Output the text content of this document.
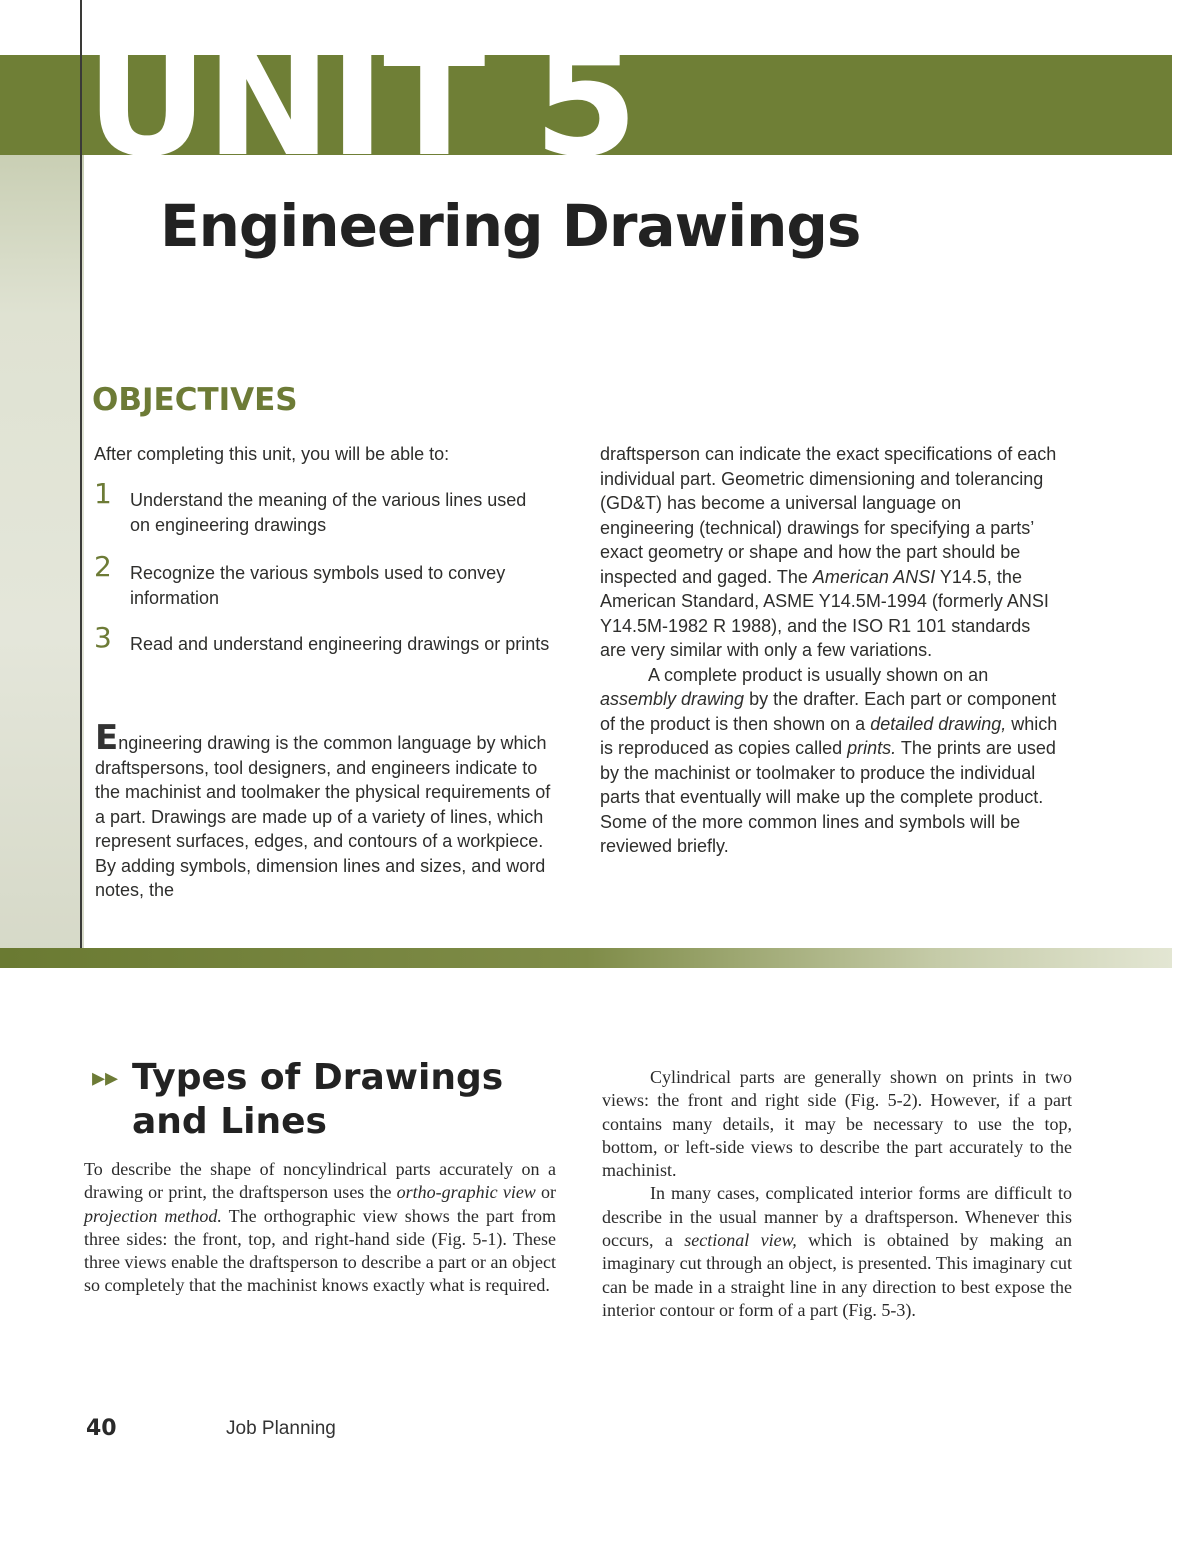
UNIT 5
Engineering Drawings
OBJECTIVES
After completing this unit, you will be able to:
1 Understand the meaning of the various lines used on engineering drawings
2 Recognize the various symbols used to convey information
3 Read and understand engineering drawings or prints
Engineering drawing is the common language by which draftspersons, tool designers, and engineers indicate to the machinist and toolmaker the physical requirements of a part. Drawings are made up of a variety of lines, which represent surfaces, edges, and contours of a workpiece. By adding symbols, dimension lines and sizes, and word notes, the

draftsperson can indicate the exact specifications of each individual part. Geometric dimensioning and tolerancing (GD&T) has become a universal language on engineering (technical) drawings for specifying a parts’ exact geometry or shape and how the part should be inspected and gaged. The American ANSI Y14.5, the American Standard, ASME Y14.5M-1994 (formerly ANSI Y14.5M-1982 R 1988), and the ISO R1 101 standards are very similar with only a few variations.

A complete product is usually shown on an assembly drawing by the drafter. Each part or component of the product is then shown on a detailed drawing, which is reproduced as copies called prints. The prints are used by the machinist or toolmaker to produce the individual parts that eventually will make up the complete product. Some of the more common lines and symbols will be reviewed briefly.

▸▸ Types of Drawings
and Lines
To describe the shape of noncylindrical parts accurately on a drawing or print, the draftsperson uses the ortho-graphic view or projection method. The orthographic view shows the part from three sides: the front, top, and right-hand side (Fig. 5-1). These three views enable the draftsperson to describe a part or an object so completely that the machinist knows exactly what is required.

Cylindrical parts are generally shown on prints in two views: the front and right side (Fig. 5-2). However, if a part contains many details, it may be necessary to use the top, bottom, or left-side views to describe the part accurately to the machinist.

In many cases, complicated interior forms are difficult to describe in the usual manner by a draftsperson. Whenever this occurs, a sectional view, which is obtained by making an imaginary cut through an object, is presented. This imaginary cut can be made in a straight line in any direction to best expose the interior contour or form of a part (Fig. 5-3).

40	Job Planning
